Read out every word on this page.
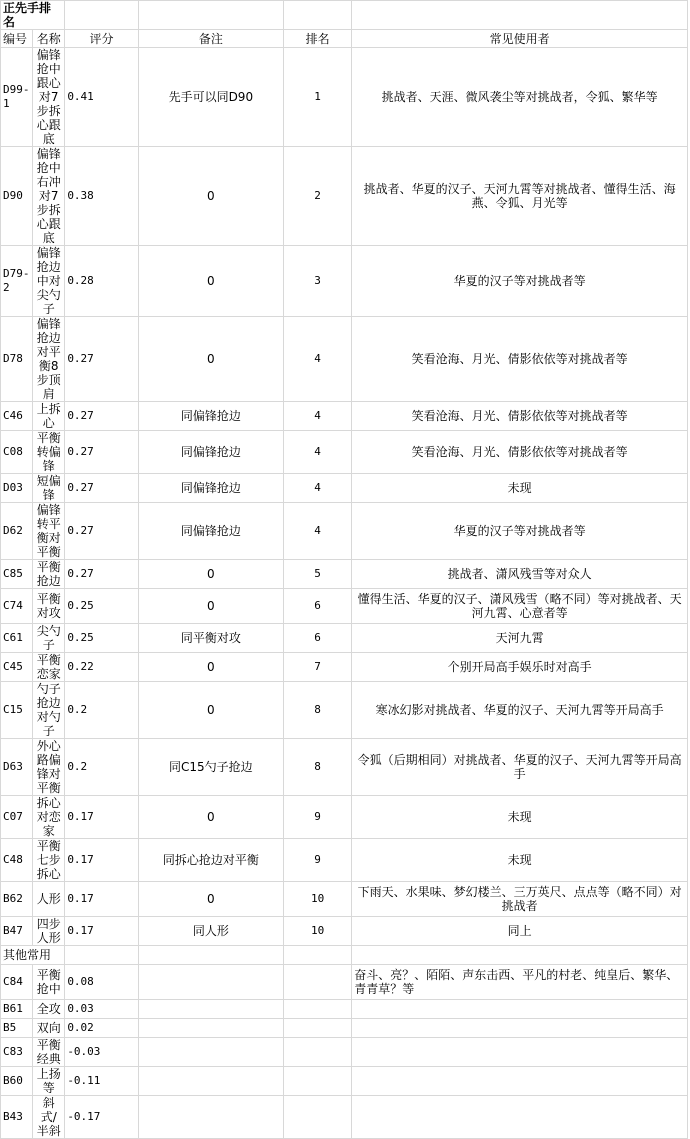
正先手排名					
编号	名称	评分	备注	排名	常见使用者
D99-1	偏锋抢中跟心对7步拆心跟底	0.41	先手可以同D90	1	挑战者、天涯、微风袭尘等对挑战者，令狐、繁华等
D90	偏锋抢中右冲对7步拆心跟底	0.38	0	2	挑战者、华夏的汉子、天河九霄等对挑战者、懂得生活、海燕、令狐、月光等
D79-2	偏锋抢边中对尖勺子	0.28	0	3	华夏的汉子等对挑战者等
D78	偏锋抢边对平衡8步顶肩	0.27	0	4	笑看沧海、月光、倩影依依等对挑战者等
C46	上拆心	0.27	同偏锋抢边	4	笑看沧海、月光、倩影依依等对挑战者等
C08	平衡转偏锋	0.27	同偏锋抢边	4	笑看沧海、月光、倩影依依等对挑战者等
D03	短偏锋	0.27	同偏锋抢边	4	未现
D62	偏锋转平衡对平衡	0.27	同偏锋抢边	4	华夏的汉子等对挑战者等
C85	平衡抢边	0.27	0	5	挑战者、潇风残雪等对众人
C74	平衡对攻	0.25	0	6	懂得生活、华夏的汉子、潇风残雪（略不同）等对挑战者、天河九霄、心意者等
C61	尖勺子	0.25	同平衡对攻	6	天河九霄
C45	平衡恋家	0.22	0	7	个别开局高手娱乐时对高手
C15	勺子抢边对勺子	0.2	0	8	寒冰幻影对挑战者、华夏的汉子、天河九霄等开局高手
D63	外心路偏锋对平衡	0.2	同C15勺子抢边	8	令狐（后期相同）对挑战者、华夏的汉子、天河九霄等开局高手
C07	拆心对恋家	0.17	0	9	未现
C48	平衡七步拆心	0.17	同拆心抢边对平衡	9	未现
B62	人形	0.17	0	10	下雨天、水果味、梦幻楼兰、三万英尺、点点等（略不同）对挑战者
B47	四步人形	0.17	同人形	10	同上
其他常用					
C84	平衡抢中	0.08			奋斗、亮？、陌陌、声东击西、平凡的村老、纯皇后、繁华、青青草？等
B61	全攻	0.03			
B5	双向	0.02			
C83	平衡经典	-0.03			
B60	上扬等	-0.11			
B43	斜式/半斜	-0.17			
